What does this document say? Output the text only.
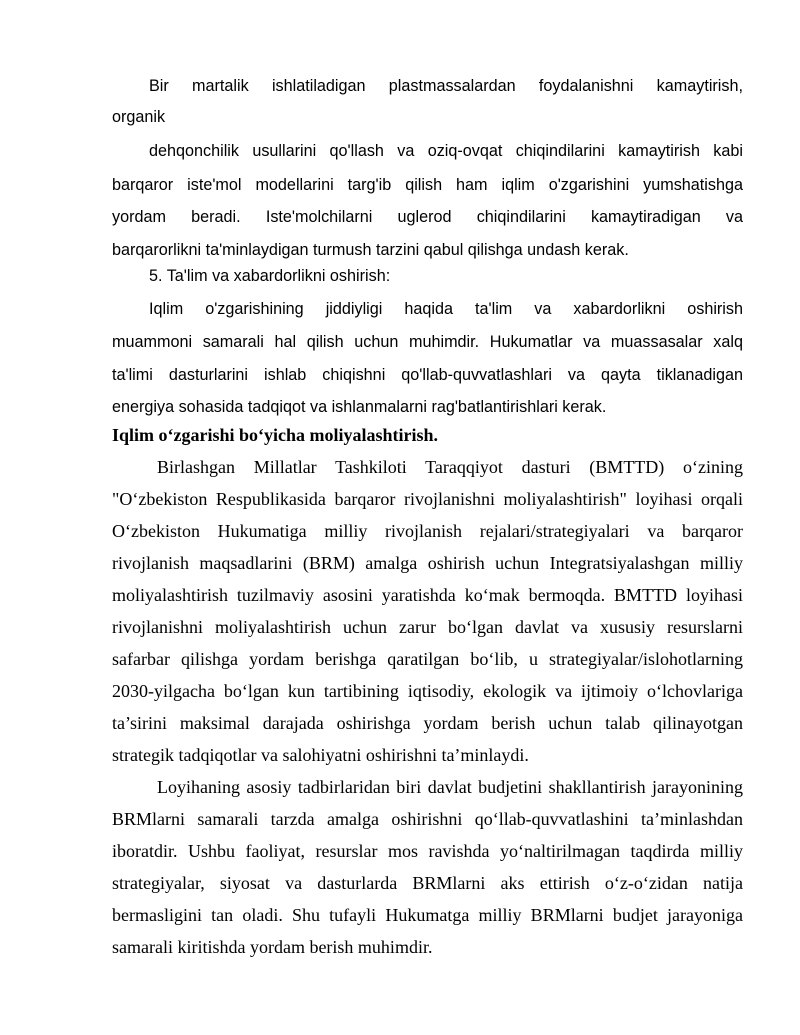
Bir martalik ishlatiladigan plastmassalardan foydalanishni kamaytirish,
organik
dehqonchilik usullarini qo'llash va oziq-ovqat chiqindilarini kamaytirish kabi
barqaror iste'mol modellarini targ'ib qilish ham iqlim o'zgarishini yumshatishga
yordam beradi. Iste'molchilarni uglerod chiqindilarini kamaytiradigan va
barqarorlikni ta'minlaydigan turmush tarzini qabul qilishga undash kerak.
5. Ta'lim va xabardorlikni oshirish:
Iqlim o'zgarishining jiddiyligi haqida ta'lim va xabardorlikni oshirish
muammoni samarali hal qilish uchun muhimdir. Hukumatlar va muassasalar xalq
ta'limi dasturlarini ishlab chiqishni qo'llab-quvvatlashlari va qayta tiklanadigan
energiya sohasida tadqiqot va ishlanmalarni rag'batlantirishlari kerak.
Iqlim o‘zgarishi bo‘yicha moliyalashtirish.
Birlashgan Millatlar Tashkiloti Taraqqiyot dasturi (BMTTD) o‘zining
"O‘zbekiston Respublikasida barqaror rivojlanishni moliyalashtirish" loyihasi orqali
O‘zbekiston Hukumatiga milliy rivojlanish rejalari/strategiyalari va barqaror
rivojlanish maqsadlarini (BRM) amalga oshirish uchun Integratsiyalashgan milliy
moliyalashtirish tuzilmaviy asosini yaratishda ko‘mak bermoqda. BMTTD loyihasi
rivojlanishni moliyalashtirish uchun zarur bo‘lgan davlat va xususiy resurslarni
safarbar qilishga yordam berishga qaratilgan bo‘lib, u strategiyalar/islohotlarning
2030-yilgacha bo‘lgan kun tartibining iqtisodiy, ekologik va ijtimoiy o‘lchovlariga
ta’sirini maksimal darajada oshirishga yordam berish uchun talab qilinayotgan
strategik tadqiqotlar va salohiyatni oshirishni ta’minlaydi.
Loyihaning asosiy tadbirlaridan biri davlat budjetini shakllantirish jarayonining
BRMlarni samarali tarzda amalga oshirishni qo‘llab-quvvatlashini ta’minlashdan
iboratdir. Ushbu faoliyat, resurslar mos ravishda yo‘naltirilmagan taqdirda milliy
strategiyalar, siyosat va dasturlarda BRMlarni aks ettirish o‘z-o‘zidan natija
bermasligini tan oladi. Shu tufayli Hukumatga milliy BRMlarni budjet jarayoniga
samarali kiritishda yordam berish muhimdir.
